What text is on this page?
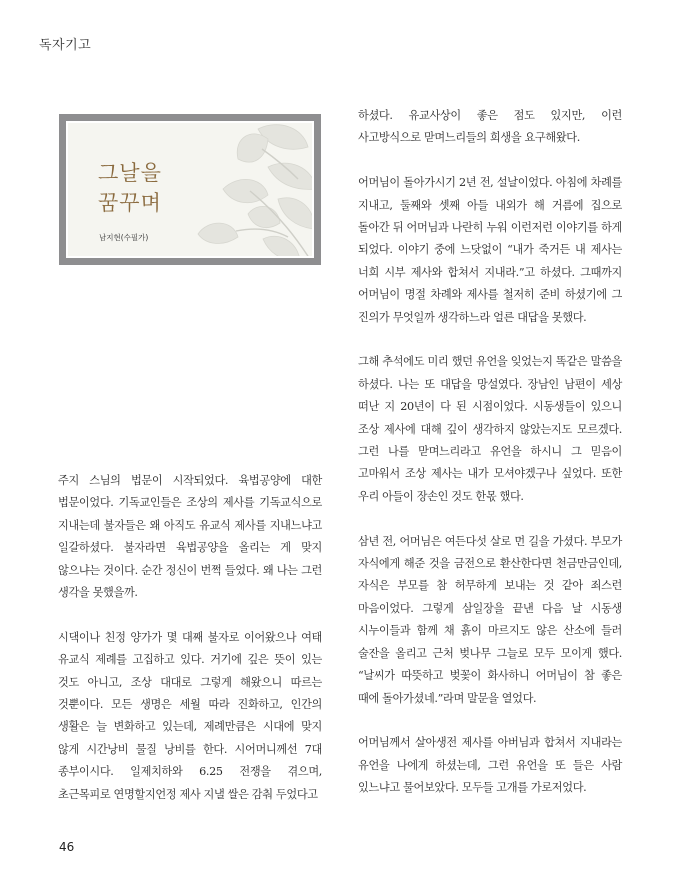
독자기고
그날을
꿈꾸며
남지현(수필가)

주지 스님의 법문이 시작되었다. 육법공양에 대한 법문이었다. 기독교인들은 조상의 제사를 기독교식으로 지내는데 불자들은 왜 아직도 유교식 제사를 지내느냐고 일갈하셨다. 불자라면 육법공양을 올리는 게 맞지 않으냐는 것이다. 순간 정신이 번쩍 들었다. 왜 나는 그런 생각을 못했을까.

시댁이나 친정 양가가 몇 대째 불자로 이어왔으나 여태 유교식 제례를 고집하고 있다. 거기에 깊은 뜻이 있는 것도 아니고, 조상 대대로 그렇게 해왔으니 따르는 것뿐이다. 모든 생명은 세월 따라 진화하고, 인간의 생활은 늘 변화하고 있는데, 제례만큼은 시대에 맞지 않게 시간낭비 물질 낭비를 한다. 시어머니께선 7대 종부이시다. 일제치하와 6.25 전쟁을 겪으며, 초근목피로 연명할지언정 제사 지낼 쌀은 감춰 두었다고

하셨다. 유교사상이 좋은 점도 있지만, 이런 사고방식으로 맏며느리들의 희생을 요구해왔다.

어머님이 돌아가시기 2년 전, 설날이었다. 아침에 차례를 지내고, 둘째와 셋째 아들 내외가 해 거름에 집으로 돌아간 뒤 어머님과 나란히 누워 이런저런 이야기를 하게 되었다. 이야기 중에 느닷없이 “내가 죽거든 내 제사는 너희 시부 제사와 합쳐서 지내라.”고 하셨다. 그때까지 어머님이 명절 차례와 제사를 철저히 준비 하셨기에 그 진의가 무엇일까 생각하느라 얼른 대답을 못했다.

그해 추석에도 미리 했던 유언을 잊었는지 똑같은 말씀을 하셨다. 나는 또 대답을 망설였다. 장남인 남편이 세상 떠난 지 20년이 다 된 시점이었다. 시동생들이 있으니 조상 제사에 대해 깊이 생각하지 않았는지도 모르겠다. 그런 나를 맏며느리라고 유언을 하시니 그 믿음이 고마워서 조상 제사는 내가 모셔야겠구나 싶었다. 또한 우리 아들이 장손인 것도 한몫 했다.

삼년 전, 어머님은 여든다섯 살로 먼 길을 가셨다. 부모가 자식에게 해준 것을 금전으로 환산한다면 천금만금인데, 자식은 부모를 참 허무하게 보내는 것 같아 죄스런 마음이었다. 그렇게 삼일장을 끝낸 다음 날 시동생 시누이들과 함께 채 흙이 마르지도 않은 산소에 들러 술잔을 올리고 근처 벚나무 그늘로 모두 모이게 했다. “날씨가 따뜻하고 벚꽃이 화사하니 어머님이 참 좋은 때에 돌아가셨네.”라며 말문을 열었다.

어머님께서 살아생전 제사를 아버님과 합쳐서 지내라는 유언을 나에게 하셨는데, 그런 유언을 또 들은 사람 있느냐고 물어보았다. 모두들 고개를 가로저었다.

46
